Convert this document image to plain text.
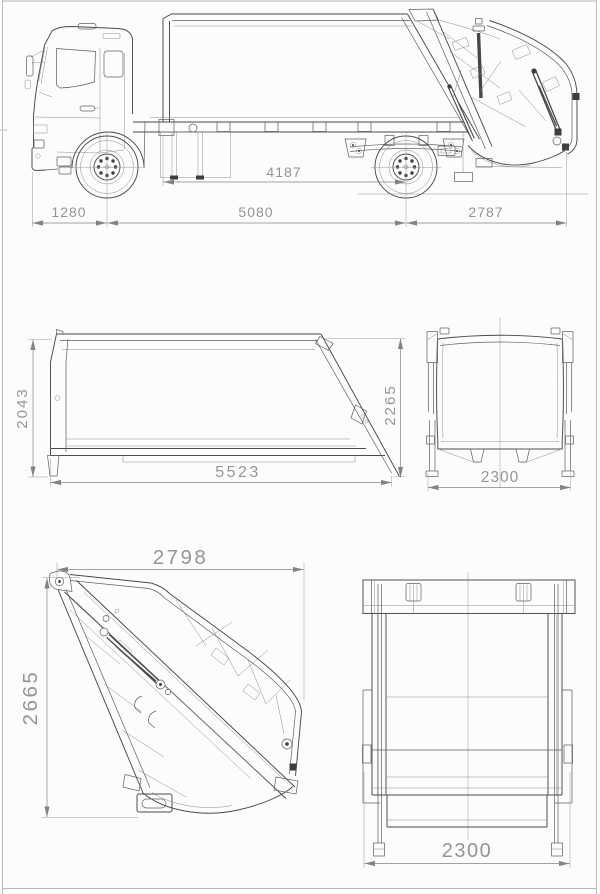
4187
1280	5080	2787
2043	2265
5523	2300
2798
2665
2300
